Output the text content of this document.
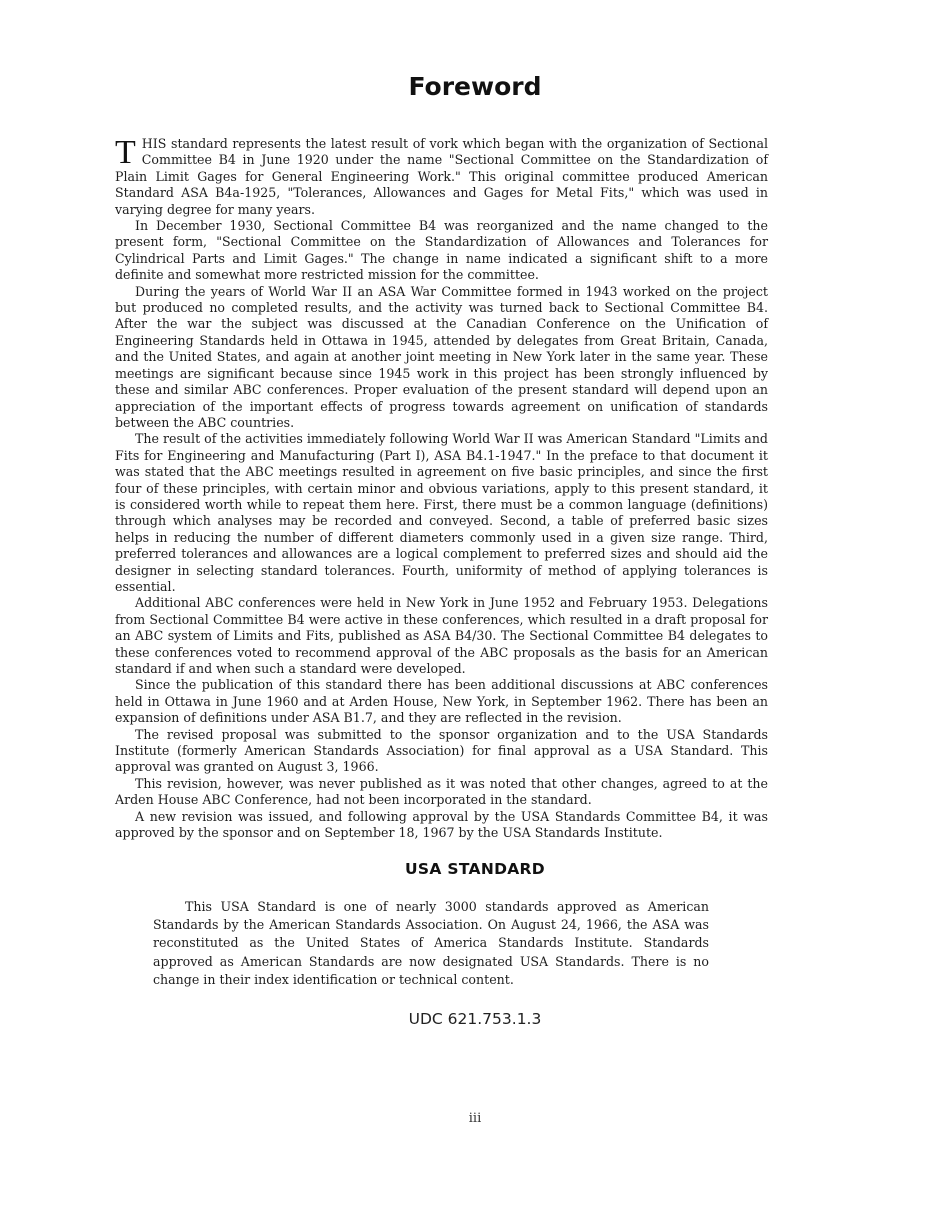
Foreword

THIS standard represents the latest result of vork which began with the organization of Sectional Committee B4 in June 1920 under the name "Sectional Committee on the Standardization of Plain Limit Gages for General Engineering Work." This original committee produced American Standard ASA B4a-1925, "Tolerances, Allowances and Gages for Metal Fits," which was used in varying degree for many years.

In December 1930, Sectional Committee B4 was reorganized and the name changed to the present form, "Sectional Committee on the Standardization of Allowances and Tolerances for Cylindrical Parts and Limit Gages." The change in name indicated a significant shift to a more definite and somewhat more restricted mission for the committee.

During the years of World War II an ASA War Committee formed in 1943 worked on the project but produced no completed results, and the activity was turned back to Sectional Committee B4. After the war the subject was discussed at the Canadian Conference on the Unification of Engineering Standards held in Ottawa in 1945, attended by delegates from Great Britain, Canada, and the United States, and again at another joint meeting in New York later in the same year. These meetings are significant because since 1945 work in this project has been strongly influenced by these and similar ABC conferences. Proper evaluation of the present standard will depend upon an appreciation of the important effects of progress towards agreement on unification of standards between the ABC countries.

The result of the activities immediately following World War II was American Standard "Limits and Fits for Engineering and Manufacturing (Part I), ASA B4.1-1947." In the preface to that document it was stated that the ABC meetings resulted in agreement on five basic principles, and since the first four of these principles, with certain minor and obvious variations, apply to this present standard, it is considered worth while to repeat them here. First, there must be a common language (definitions) through which analyses may be recorded and conveyed. Second, a table of preferred basic sizes helps in reducing the number of different diameters commonly used in a given size range. Third, preferred tolerances and allowances are a logical complement to preferred sizes and should aid the designer in selecting standard tolerances. Fourth, uniformity of method of applying tolerances is essential.

Additional ABC conferences were held in New York in June 1952 and February 1953. Delegations from Sectional Committee B4 were active in these conferences, which resulted in a draft proposal for an ABC system of Limits and Fits, published as ASA B4/30. The Sectional Committee B4 delegates to these conferences voted to recommend approval of the ABC proposals as the basis for an American standard if and when such a standard were developed.

Since the publication of this standard there has been additional discussions at ABC conferences held in Ottawa in June 1960 and at Arden House, New York, in September 1962. There has been an expansion of definitions under ASA B1.7, and they are reflected in the revision.

The revised proposal was submitted to the sponsor organization and to the USA Standards Institute (formerly American Standards Association) for final approval as a USA Standard. This approval was granted on August 3, 1966.

This revision, however, was never published as it was noted that other changes, agreed to at the Arden House ABC Conference, had not been incorporated in the standard.

A new revision was issued, and following approval by the USA Standards Committee B4, it was approved by the sponsor and on September 18, 1967 by the USA Standards Institute.

USA STANDARD

This USA Standard is one of nearly 3000 standards approved as American Standards by the American Standards Association. On August 24, 1966, the ASA was reconstituted as the United States of America Standards Institute. Standards approved as American Standards are now designated USA Standards. There is no change in their index identification or technical content.

UDC 621.753.1.3
iii
